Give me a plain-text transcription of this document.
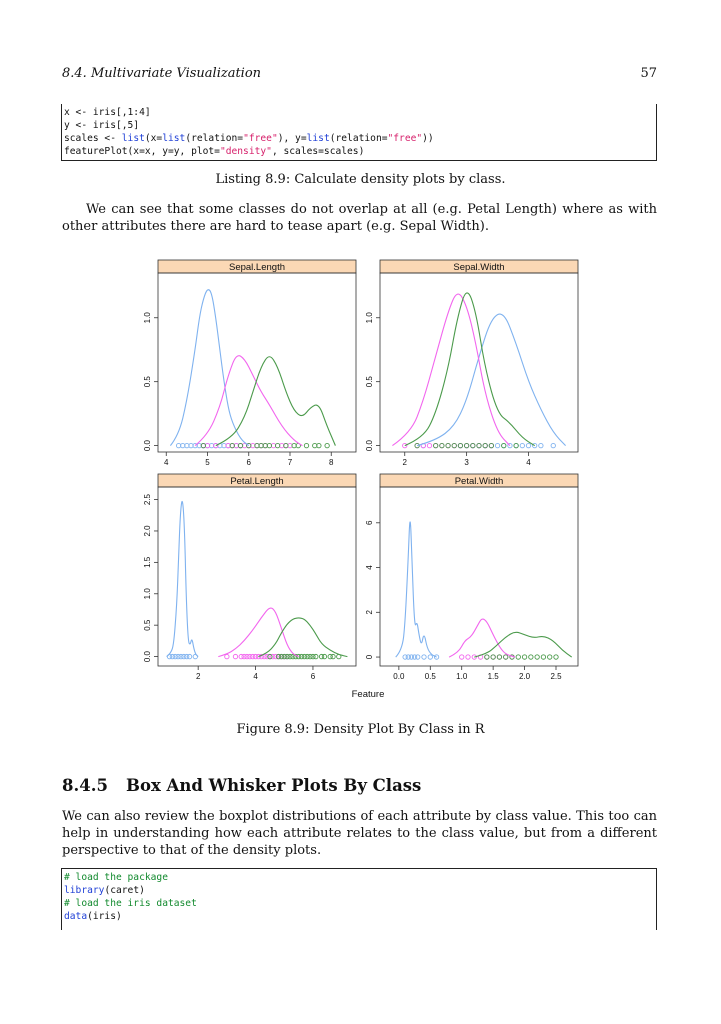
8.4. Multivariate Visualization	57
x <- iris[,1:4]
y <- iris[,5]
scales <- list(x=list(relation="free"), y=list(relation="free"))
featurePlot(x=x, y=y, plot="density", scales=scales)
Listing 8.9: Calculate density plots by class.
We can see that some classes do not overlap at all (e.g. Petal Length) where as with other attributes there are hard to tease apart (e.g. Sepal Width).
Sepal.Length
4	5	6	7	8
0.0
0.5
1.0
Sepal.Width
2	3	4
0.0
0.5
1.0
Petal.Length
2	4	6
0.0
0.5
1.0
1.5
2.0
2.5
Petal.Width
0.0	0.5	1.0	1.5	2.0	2.5
0
2
4
6
Feature
Figure 8.9: Density Plot By Class in R
8.4.5 Box And Whisker Plots By Class
We can also review the boxplot distributions of each attribute by class value. This too can help in understanding how each attribute relates to the class value, but from a different perspective to that of the density plots.
# load the package
library(caret)
# load the iris dataset
data(iris)
